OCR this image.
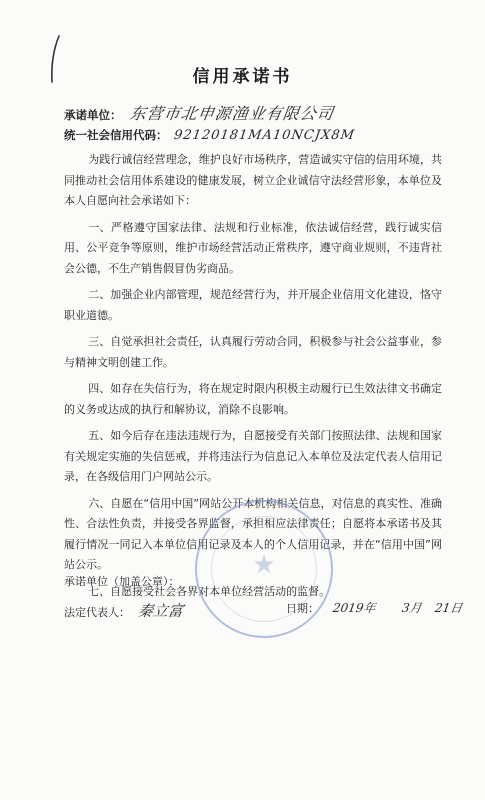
信用承诺书
承诺单位： 东营市北申源渔业有限公司
统一社会信用代码： 92120181MA10NCJX8M

为践行诚信经营理念，维护良好市场秩序，营造诚实守信的信用环境，共同推动社会信用体系建设的健康发展，树立企业诚信守法经营形象，本单位及本人自愿向社会承诺如下：

一、严格遵守国家法律、法规和行业标准，依法诚信经营，践行诚实信用、公平竞争等原则，维护市场经营活动正常秩序，遵守商业规则，不违背社会公德，不生产销售假冒伪劣商品。

二、加强企业内部管理，规范经营行为，并开展企业信用文化建设，恪守职业道德。

三、自觉承担社会责任，认真履行劳动合同，积极参与社会公益事业，参与精神文明创建工作。

四、如存在失信行为，将在规定时限内积极主动履行已生效法律文书确定的义务或达成的执行和解协议，消除不良影响。

五、如今后存在违法违规行为，自愿接受有关部门按照法律、法规和国家有关规定实施的失信惩戒，并将违法行为信息记入本单位及法定代表人信用记录，在各级信用门户网站公示。

六、自愿在“信用中国”网站公开本机构相关信息，对信息的真实性、准确性、合法性负责，并接受各界监督，承担相应法律责任；自愿将本承诺书及其履行情况一同记入本单位信用记录及本人的个人信用记录，并在“信用中国”网站公示。

七、自愿接受社会各界对本单位经营活动的监督。

★
承诺单位（加盖公章）：
法定代表人： 秦立富	日期： 2019年 3月 21日
